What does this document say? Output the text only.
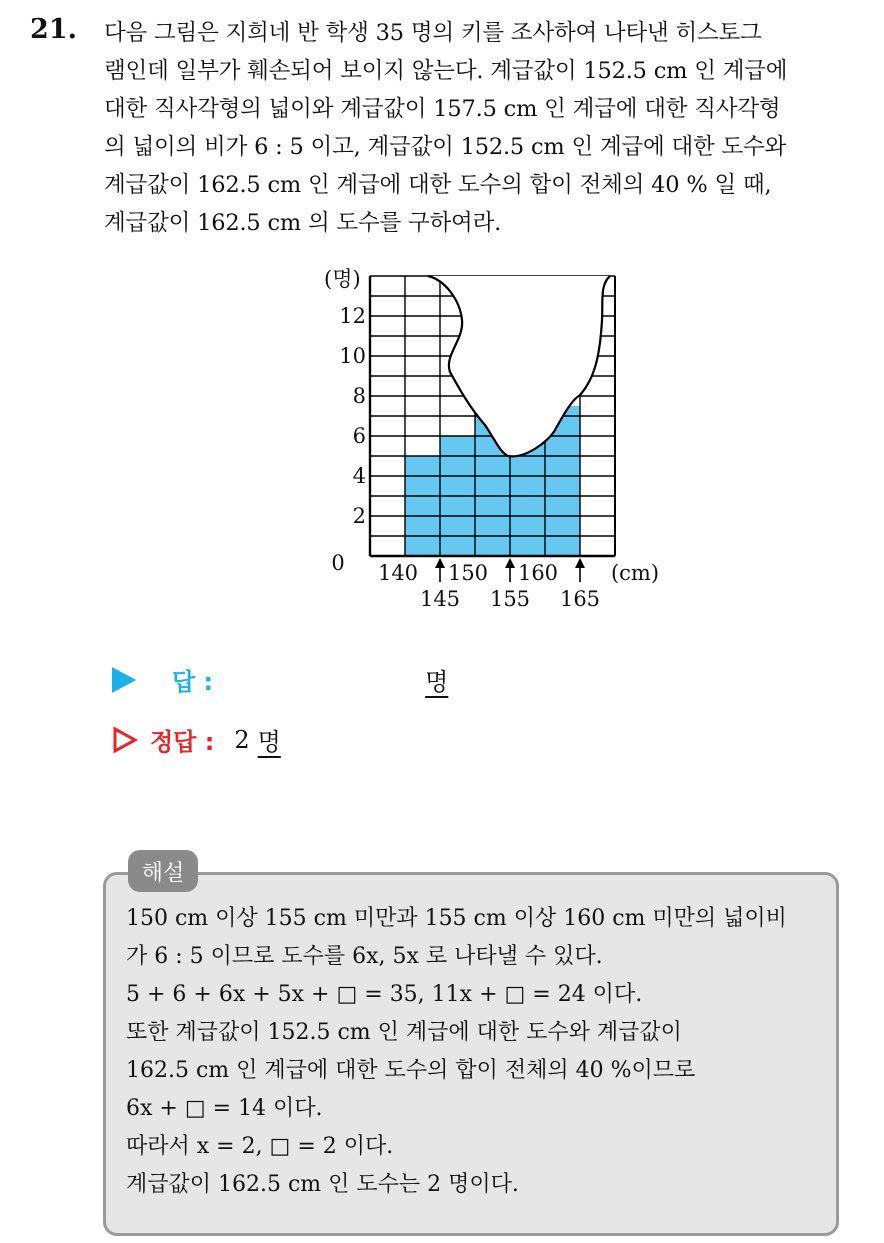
21. 다음 그림은 지희네 반 학생 35 명의 키를 조사하여 나타낸 히스토그
램인데 일부가 훼손되어 보이지 않는다. 계급값이 152.5 cm 인 계급에
대한 직사각형의 넓이와 계급값이 157.5 cm 인 계급에 대한 직사각형
의 넓이의 비가 6 : 5 이고, 계급값이 152.5 cm 인 계급에 대한 도수와
계급값이 162.5 cm 인 계급에 대한 도수의 합이 전체의 40 % 일 때,
계급값이 162.5 cm 의 도수를 구하여라.
0
2
4
6
8
10
12
(명)
140 150 160
145 155 165
(cm)
답 :	명
정답 : 2 명
해설
150 cm 이상 155 cm 미만과 155 cm 이상 160 cm 미만의 넓이비
가 6 : 5 이므로 도수를 6x, 5x 로 나타낼 수 있다.
5 + 6 + 6x + 5x + □ = 35, 11x + □ = 24 이다.
또한 계급값이 152.5 cm 인 계급에 대한 도수와 계급값이
162.5 cm 인 계급에 대한 도수의 합이 전체의 40 %이므로
6x + □ = 14 이다.
따라서 x = 2, □ = 2 이다.
계급값이 162.5 cm 인 도수는 2 명이다.
